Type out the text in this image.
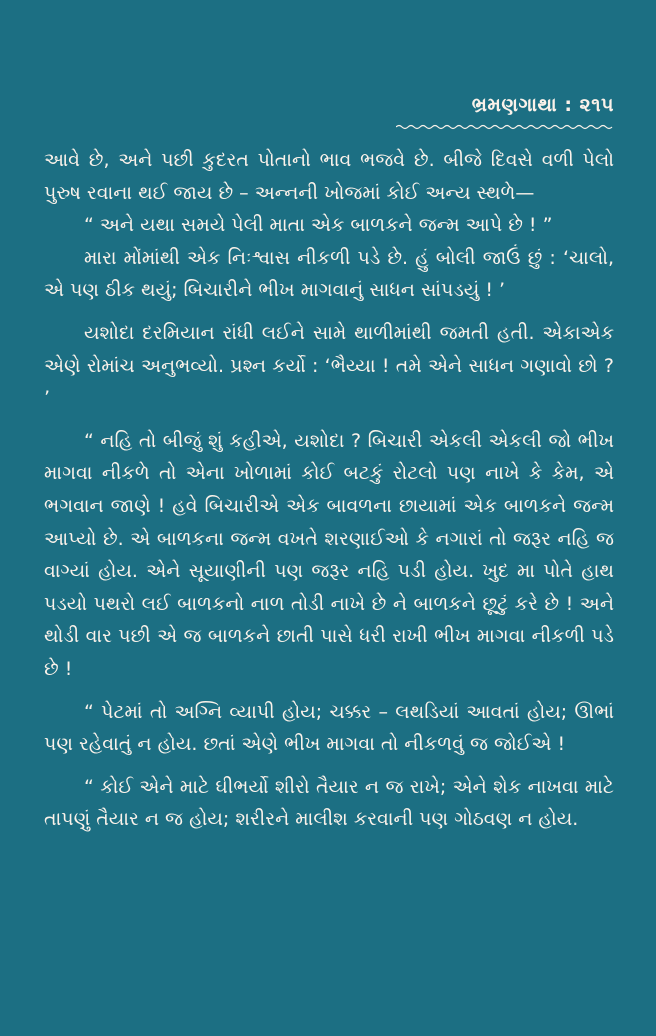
ભ્રમણગાથા : ૨૧૫

આવે છે, અને પછી કુદરત પોતાનો ભાવ ભજવે છે. બીજે દિવસે વળી પેલો પુરુષ રવાના થઈ જાય છે – અન્નની ખોજમાં કોઈ અન્ય સ્થળે—

“ અને યથા સમયે પેલી માતા એક બાળકને જન્મ આપે છે ! ”

મારા મોંમાંથી એક નિઃશ્વાસ નીકળી પડે છે. હું બોલી જાઉં છું : ‘ચાલો, એ પણ ઠીક થયું; બિચારીને ભીખ માગવાનું સાધન સાંપડયું ! ’

યશોદા દરમિયાન રાંધી લઈને સામે થાળીમાંથી જમતી હતી. એકાએક એણે રોમાંચ અનુભવ્યો. પ્રશ્ન કર્યો : ‘ભૈય્યા ! તમે એને સાધન ગણાવો છો ? ’

“ નહિ તો બીજું શું કહીએ, યશોદા ? બિચારી એકલી એકલી જો ભીખ માગવા નીકળે તો એના ખોળામાં કોઈ બટકું રોટલો પણ નાખે કે કેમ, એ ભગવાન જાણે ! હવે બિચારીએ એક બાવળના છાયામાં એક બાળકને જન્મ આપ્યો છે. એ બાળકના જન્મ વખતે શરણાઈઓ કે નગારાં તો જરૂર નહિ જ વાગ્યાં હોય. એને સૂયાણીની પણ જરૂર નહિ પડી હોય. ખુદ મા પોતે હાથ પડયો પથરો લઈ બાળકનો નાળ તોડી નાખે છે ને બાળકને છૂટું કરે છે ! અને થોડી વાર પછી એ જ બાળકને છાતી પાસે ધરી રાખી ભીખ માગવા નીકળી પડે છે !

“ પેટમાં તો અગ્નિ વ્યાપી હોય; ચક્કર – લથડિયાં આવતાં હોય; ઊભાં પણ રહેવાતું ન હોય. છતાં એણે ભીખ માગવા તો નીકળવું જ જોઈએ !

“ કોઈ એને માટે ઘીભર્યો શીરો તૈયાર ન જ રાખે; એને શેક નાખવા માટે તાપણું તૈયાર ન જ હોય; શરીરને માલીશ કરવાની પણ ગોઠવણ ન હોય.
